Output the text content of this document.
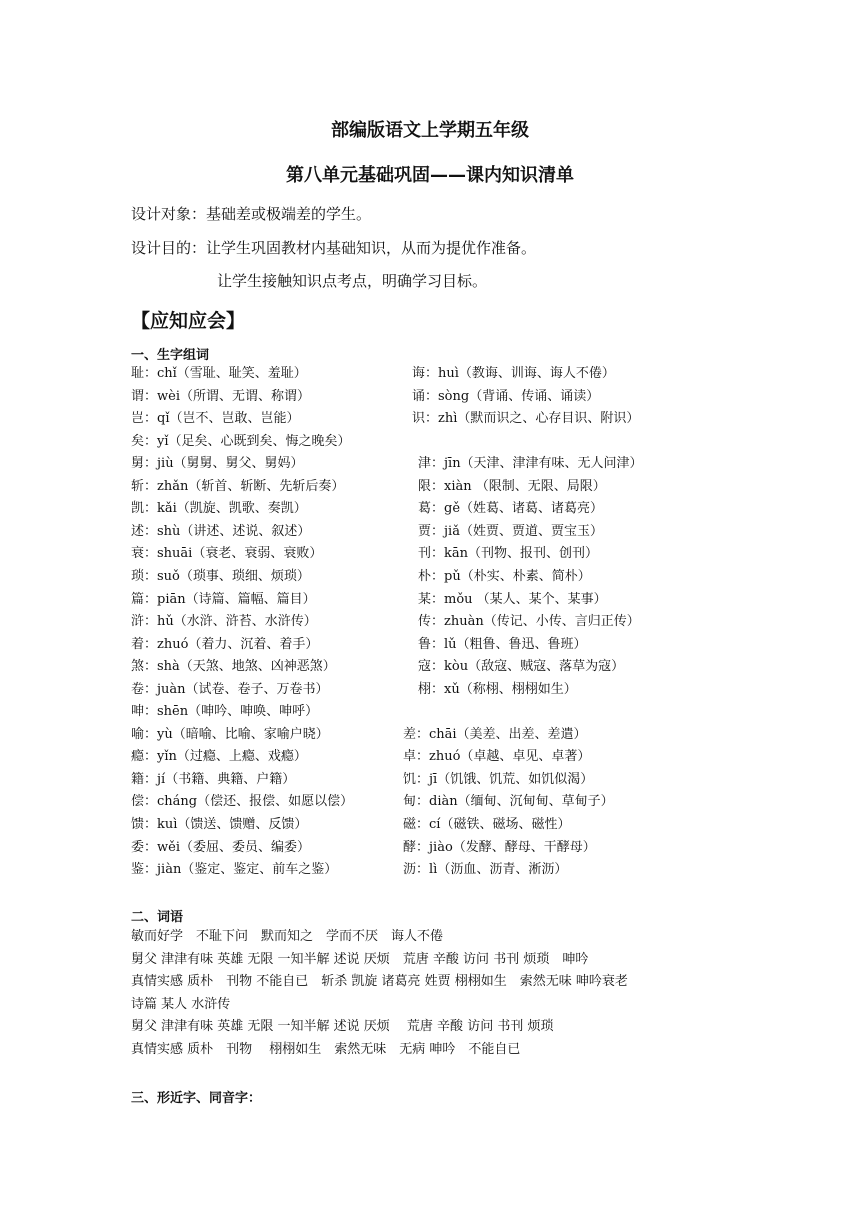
部编版语文上学期五年级
第八单元基础巩固——课内知识清单
设计对象：基础差或极端差的学生。
设计目的：让学生巩固教材内基础知识，从而为提优作准备。
让学生接触知识点考点，明确学习目标。
【应知应会】
一、生字组词
耻：chǐ（雪耻、耻笑、羞耻）	诲：huì（教诲、训诲、诲人不倦）
谓：wèi（所谓、无谓、称谓）	诵：sòng（背诵、传诵、诵读）
岂：qǐ（岂不、岂敢、岂能）	识：zhì（默而识之、心存目识、附识）
矣：yǐ（足矣、心既到矣、悔之晚矣）
舅：jiù（舅舅、舅父、舅妈）	津：jīn（天津、津津有味、无人问津）
斩：zhǎn（斩首、斩断、先斩后奏）	限：xiàn （限制、无限、局限）
凯：kǎi（凯旋、凯歌、奏凯）	葛：gě（姓葛、诸葛、诸葛亮）
述：shù（讲述、述说、叙述）	贾：jiǎ（姓贾、贾道、贾宝玉）
衰：shuāi（衰老、衰弱、衰败）	刊：kān（刊物、报刊、创刊）
琐：suǒ（琐事、琐细、烦琐）	朴：pǔ（朴实、朴素、简朴）
篇：piān（诗篇、篇幅、篇目）	某：mǒu （某人、某个、某事）
浒：hǔ（水浒、浒苔、水浒传）	传：zhuàn（传记、小传、言归正传）
着：zhuó（着力、沉着、着手）	鲁：lǔ（粗鲁、鲁迅、鲁班）
煞：shà（天煞、地煞、凶神恶煞）	寇：kòu（敌寇、贼寇、落草为寇）
卷：juàn（试卷、卷子、万卷书）	栩：xǔ（称栩、栩栩如生）
呻：shēn（呻吟、呻唤、呻呼）
喻：yù（暗喻、比喻、家喻户晓）	差：chāi（美差、出差、差遣）
瘾：yǐn（过瘾、上瘾、戏瘾）	卓：zhuó（卓越、卓见、卓著）
籍：jí（书籍、典籍、户籍）	饥：jī（饥饿、饥荒、如饥似渴）
偿：cháng（偿还、报偿、如愿以偿）	甸：diàn（缅甸、沉甸甸、草甸子）
馈：kuì（馈送、馈赠、反馈）	磁：cí（磁铁、磁场、磁性）
委：wěi（委屈、委员、编委）	酵：jiào（发酵、酵母、干酵母）
鉴：jiàn（鉴定、鉴定、前车之鉴）	沥：lì（沥血、沥青、淅沥）
二、词语
敏而好学　不耻下问　默而知之　学而不厌　诲人不倦
舅父 津津有味 英雄 无限 一知半解 述说 厌烦　荒唐 辛酸 访问 书刊 烦琐　呻吟
真情实感 质朴　刊物 不能自已　斩杀 凯旋 诸葛亮 姓贾 栩栩如生　索然无味 呻吟衰老
诗篇 某人 水浒传
舅父 津津有味 英雄 无限 一知半解 述说 厌烦　 荒唐 辛酸 访问 书刊 烦琐
真情实感 质朴　刊物　 栩栩如生　索然无味　无病 呻吟　不能自已
三、形近字、同音字：
